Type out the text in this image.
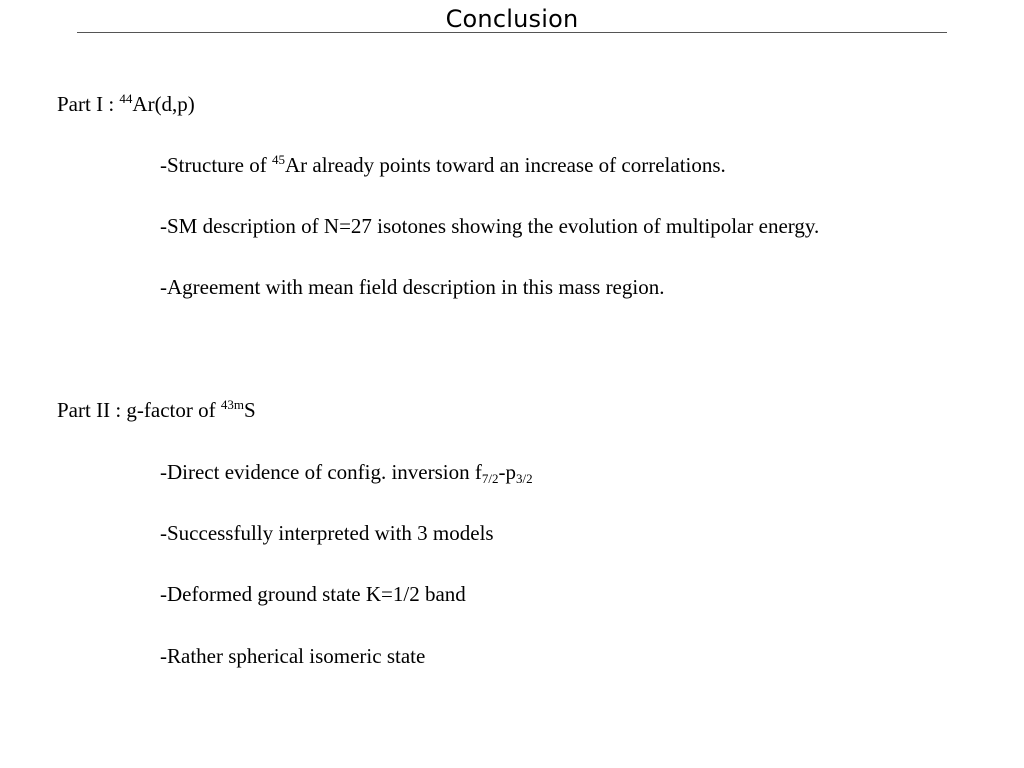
Conclusion
Part I : $^{44}$Ar(d,p)
-Structure of $^{45}$Ar already points toward an increase of correlations.
-SM description of N=27 isotones showing the evolution of multipolar energy.
-Agreement with mean field description in this mass region.
Part II : g-factor of $^{43m}$S
-Direct evidence of config. inversion $f_{7/2}-p_{3/2}$
-Successfully interpreted with 3 models
-Deformed ground state K=1/2 band
-Rather spherical isomeric state
